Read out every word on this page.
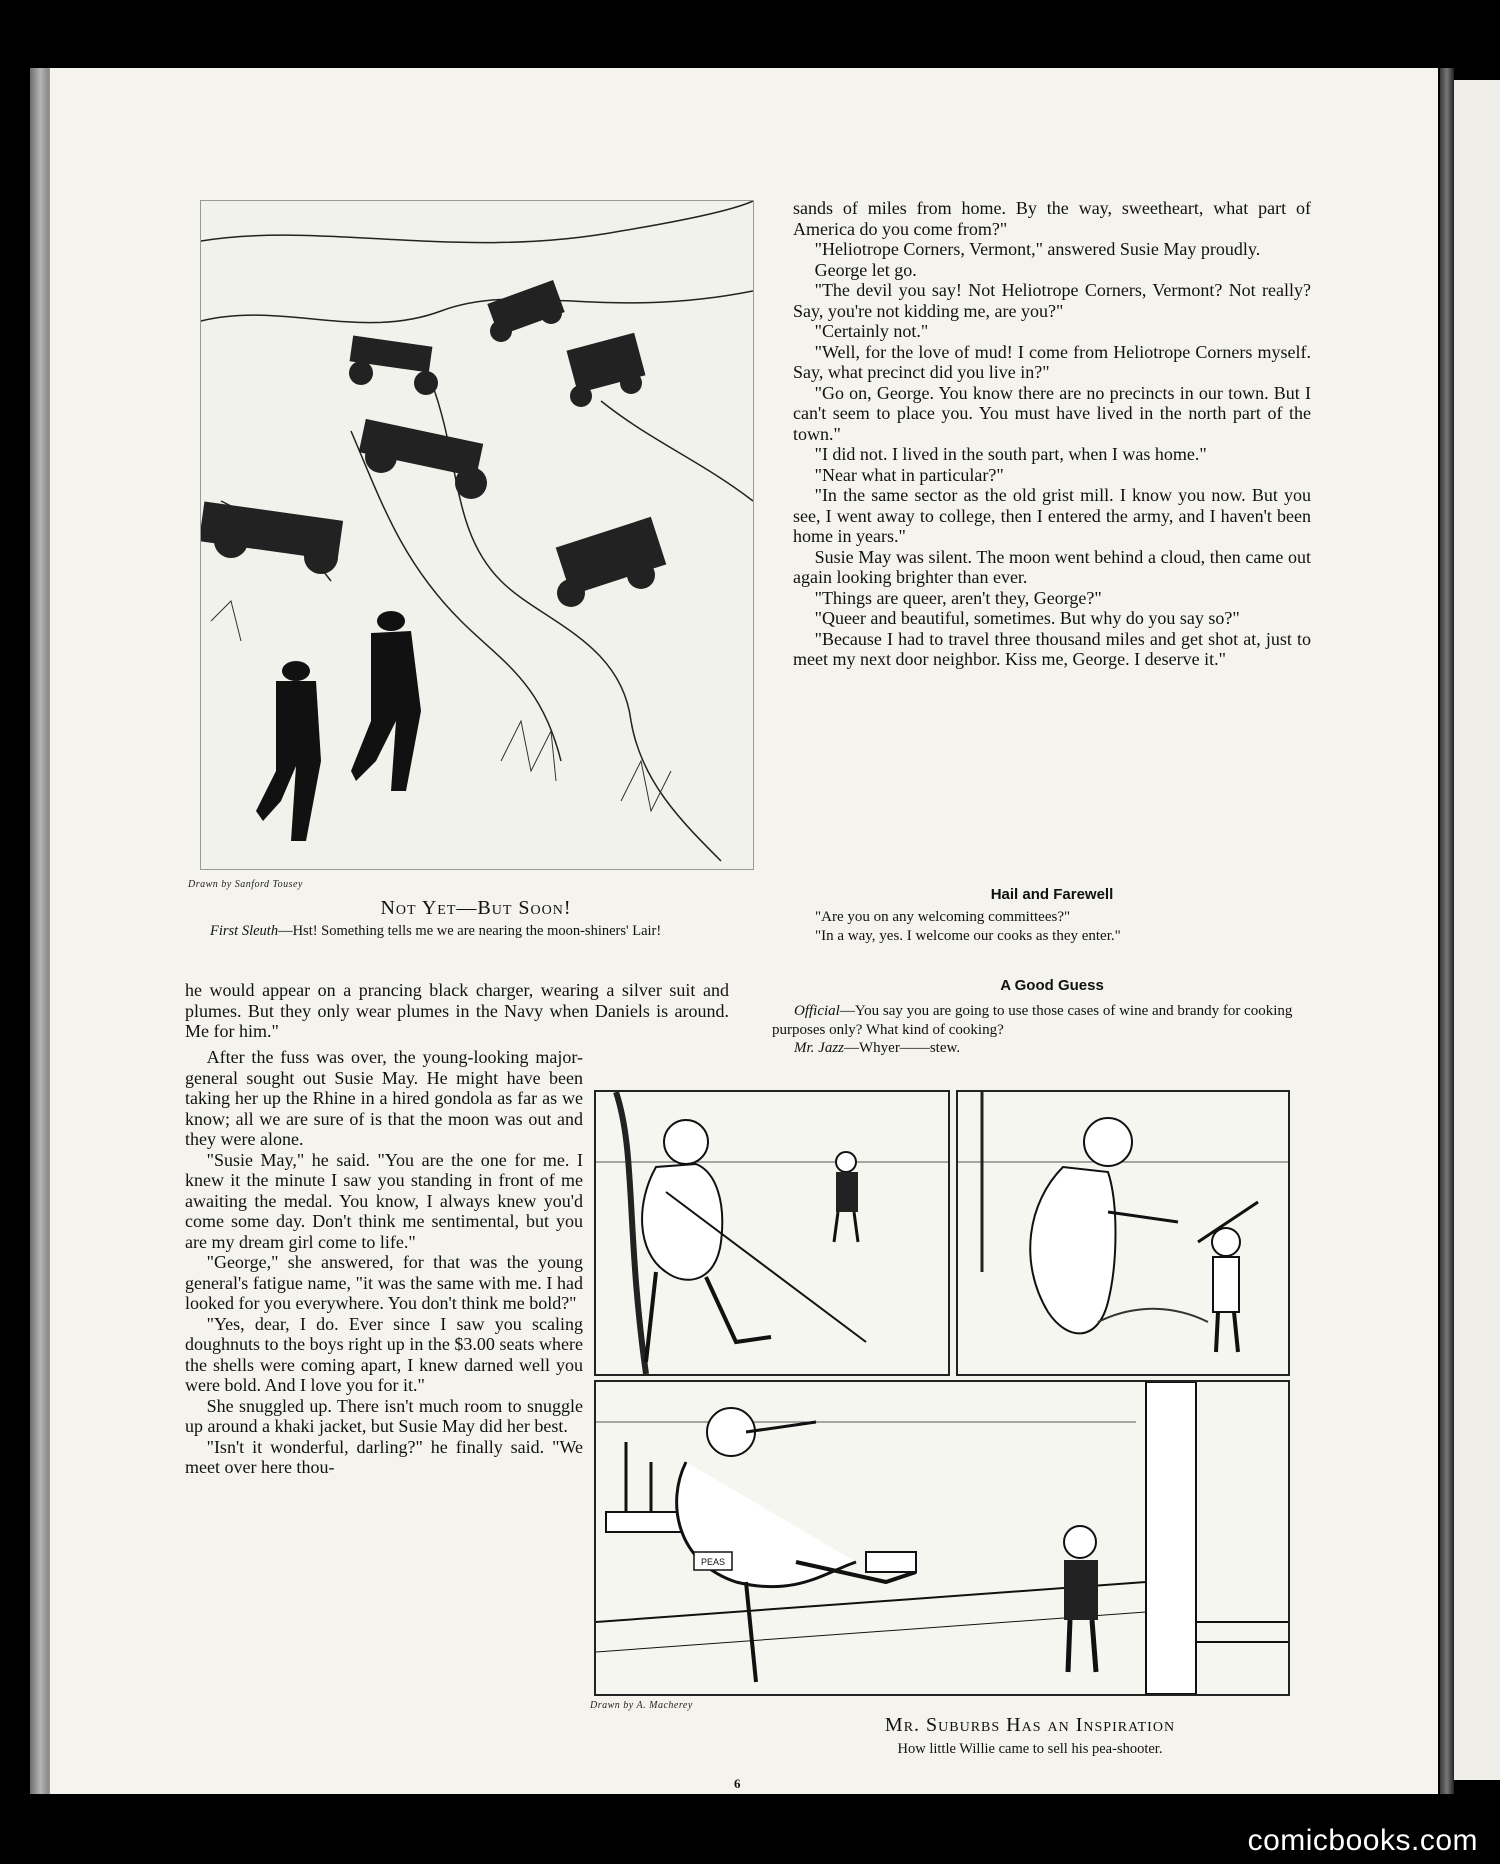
Drawn by Sanford Tousey
Not Yet—But Soon!
First Sleuth—Hst! Something tells me we are nearing the moon-shiners' Lair!

he would appear on a prancing black charger, wearing a silver suit and plumes. But they only wear plumes in the Navy when Daniels is around. Me for him."

After the fuss was over, the young-looking major-general sought out Susie May. He might have been taking her up the Rhine in a hired gondola as far as we know; all we are sure of is that the moon was out and they were alone.

"Susie May," he said. "You are the one for me. I knew it the minute I saw you standing in front of me awaiting the medal. You know, I always knew you'd come some day. Don't think me sentimental, but you are my dream girl come to life."

"George," she answered, for that was the young general's fatigue name, "it was the same with me. I had looked for you everywhere. You don't think me bold?"

"Yes, dear, I do. Ever since I saw you scaling doughnuts to the boys right up in the $3.00 seats where the shells were coming apart, I knew darned well you were bold. And I love you for it."

She snuggled up. There isn't much room to snuggle up around a khaki jacket, but Susie May did her best.

"Isn't it wonderful, darling?" he finally said. "We meet over here thou-

sands of miles from home. By the way, sweetheart, what part of America do you come from?"

"Heliotrope Corners, Vermont," answered Susie May proudly.

George let go.

"The devil you say! Not Heliotrope Corners, Vermont? Not really? Say, you're not kidding me, are you?"

"Certainly not."

"Well, for the love of mud! I come from Heliotrope Corners myself. Say, what precinct did you live in?"

"Go on, George. You know there are no precincts in our town. But I can't seem to place you. You must have lived in the north part of the town."

"I did not. I lived in the south part, when I was home."

"Near what in particular?"

"In the same sector as the old grist mill. I know you now. But you see, I went away to college, then I entered the army, and I haven't been home in years."

Susie May was silent. The moon went behind a cloud, then came out again looking brighter than ever.

"Things are queer, aren't they, George?"

"Queer and beautiful, sometimes. But why do you say so?"

"Because I had to travel three thousand miles and get shot at, just to meet my next door neighbor. Kiss me, George. I deserve it."

Hail and Farewell
"Are you on any welcoming committees?"
"In a way, yes. I welcome our cooks as they enter."
A Good Guess
Official—You say you are going to use those cases of wine and brandy for cooking purposes only? What kind of cooking?
Mr. Jazz—Whyer——stew.
PEAS
Drawn by A. Macherey
Mr. Suburbs Has an Inspiration
How little Willie came to sell his pea-shooter.
6
comicbooks.com
